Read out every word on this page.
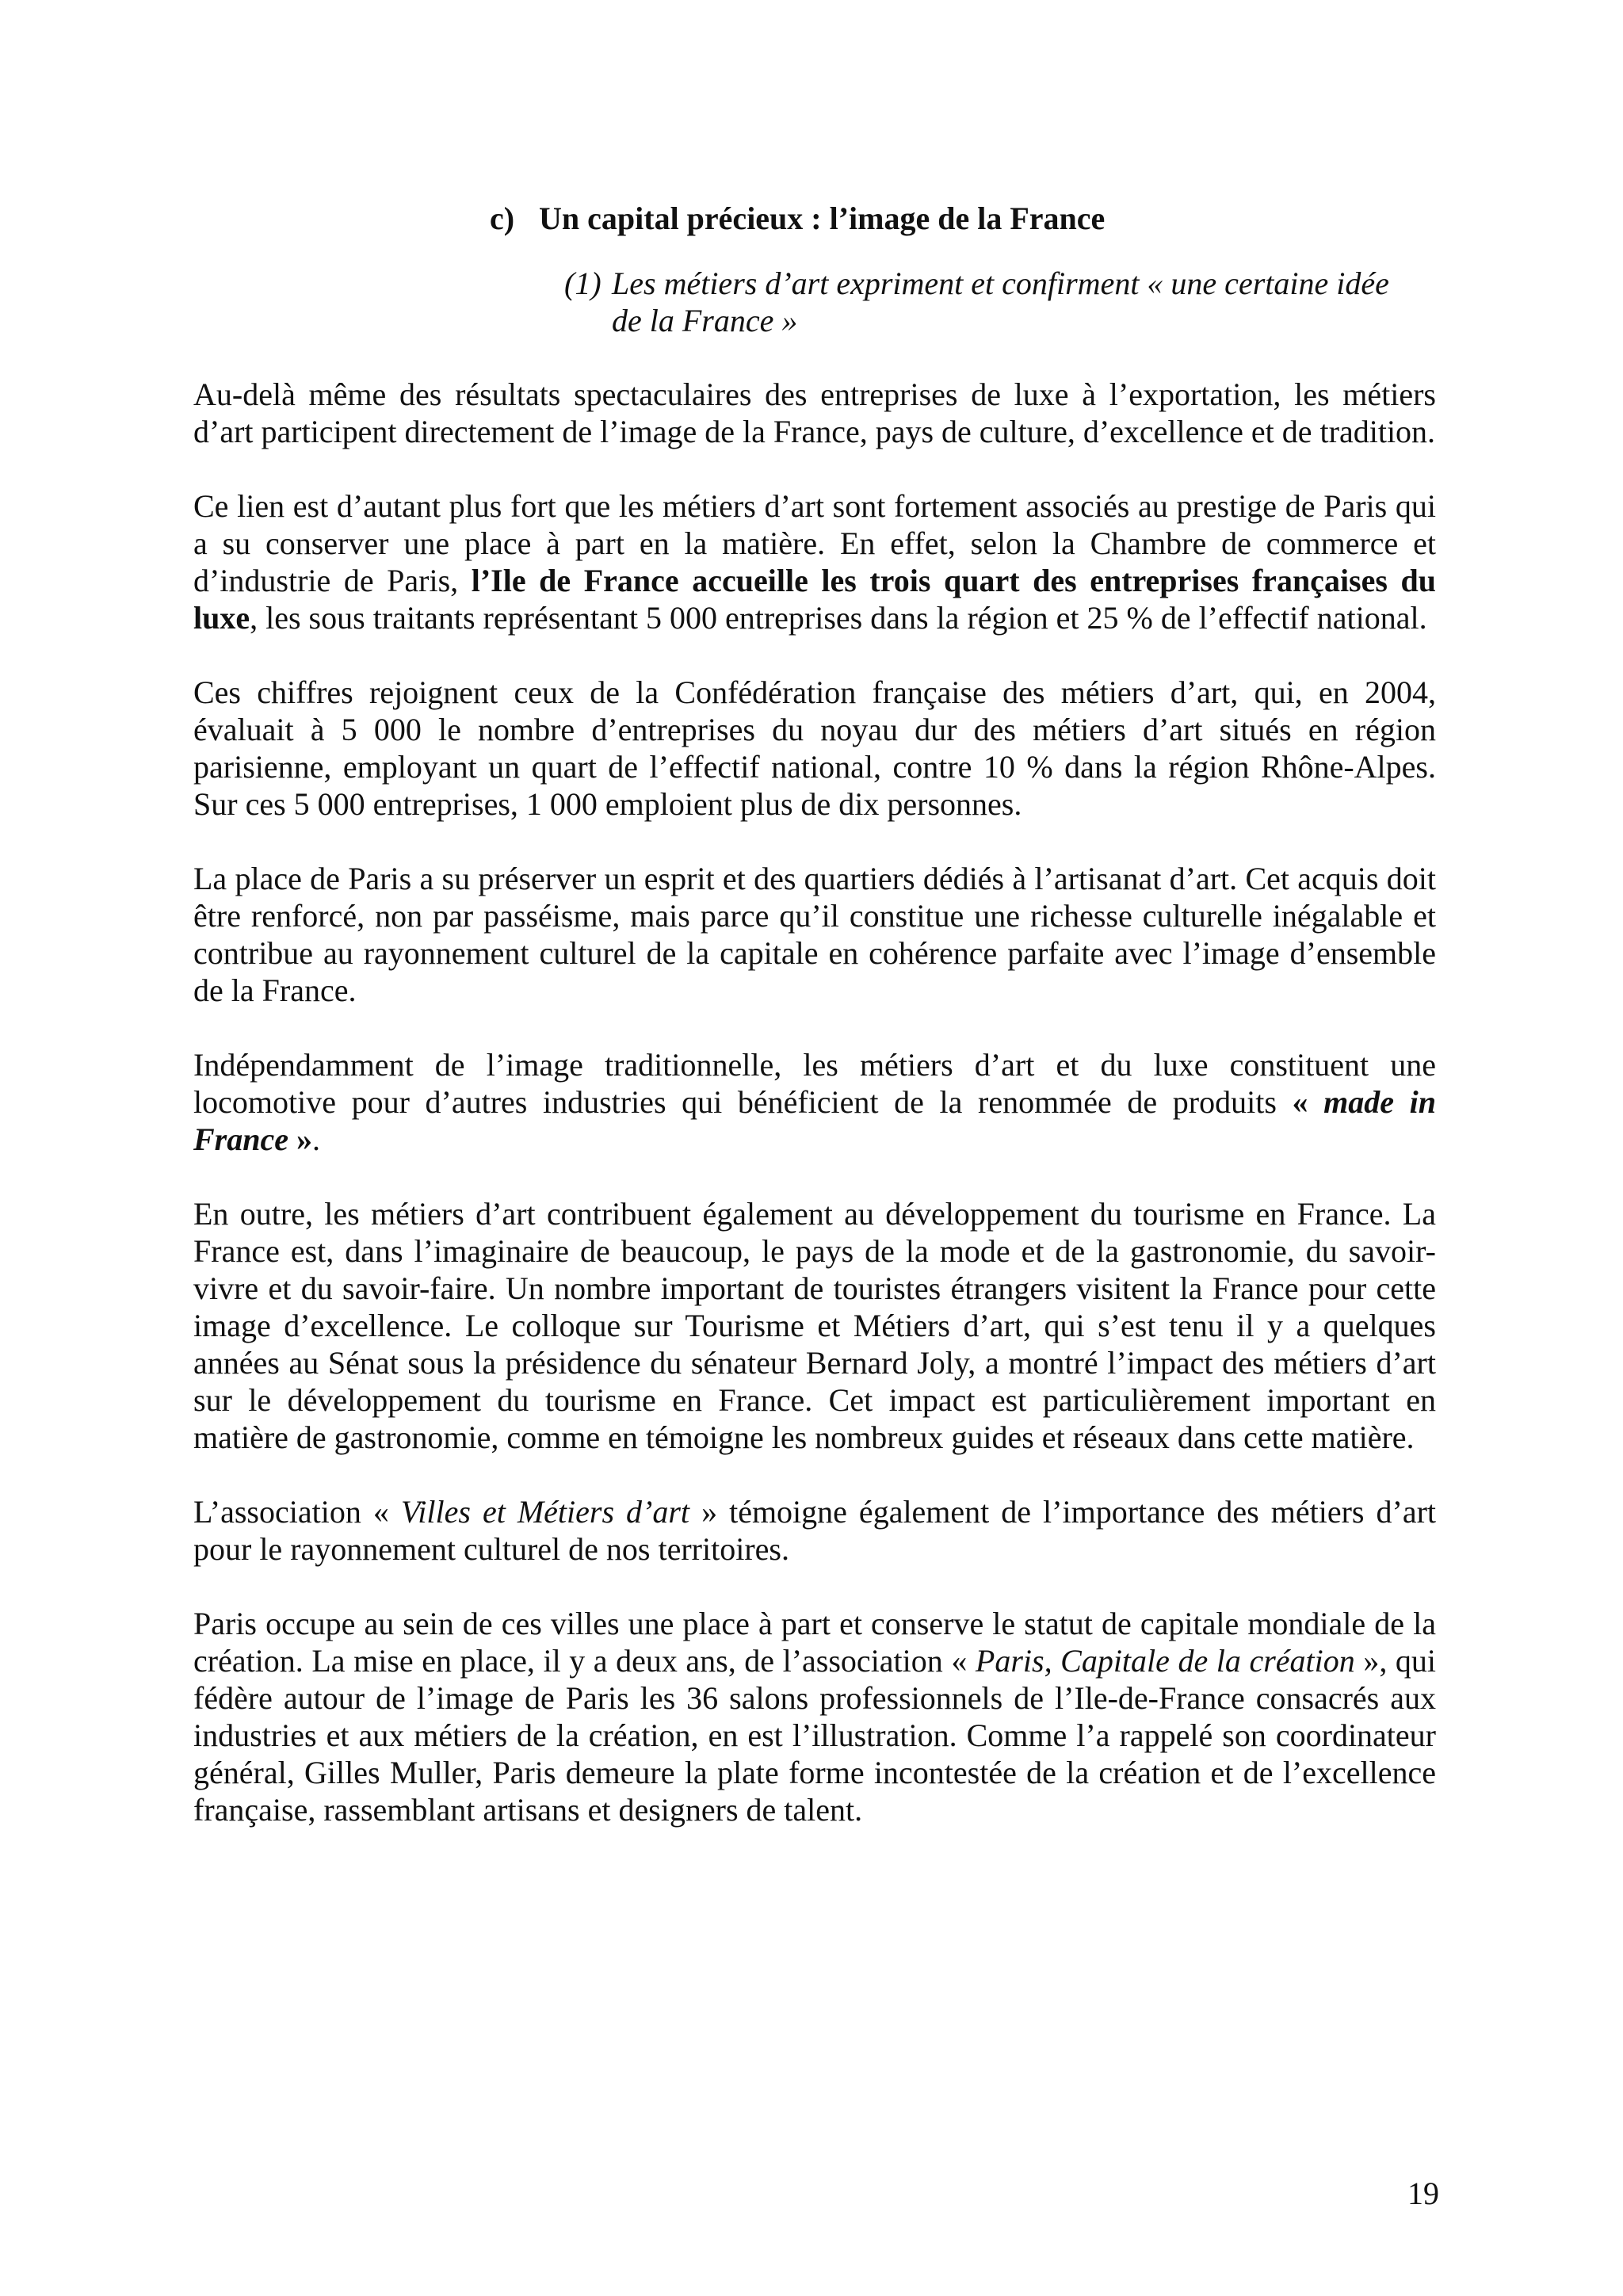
c) Un capital précieux : l’image de la France
(1) Les métiers d’art expriment et confirment « une certaine idée
de la France »

Au-delà même des résultats spectaculaires des entreprises de luxe à l’exportation, les métiers d’art participent directement de l’image de la France, pays de culture, d’excellence et de tradition.

Ce lien est d’autant plus fort que les métiers d’art sont fortement associés au prestige de Paris qui a su conserver une place à part en la matière. En effet, selon la Chambre de commerce et d’industrie de Paris, l’Ile de France accueille les trois quart des entreprises françaises du luxe, les sous traitants représentant 5 000 entreprises dans la région et 25 % de l’effectif national.

Ces chiffres rejoignent ceux de la Confédération française des métiers d’art, qui, en 2004, évaluait à 5 000 le nombre d’entreprises du noyau dur des métiers d’art situés en région parisienne, employant un quart de l’effectif national, contre 10 % dans la région Rhône-Alpes. Sur ces 5 000 entreprises, 1 000 emploient plus de dix personnes.

La place de Paris a su préserver un esprit et des quartiers dédiés à l’artisanat d’art. Cet acquis doit être renforcé, non par passéisme, mais parce qu’il constitue une richesse culturelle inégalable et contribue au rayonnement culturel de la capitale en cohérence parfaite avec l’image d’ensemble de la France.

Indépendamment de l’image traditionnelle, les métiers d’art et du luxe constituent une locomotive pour d’autres industries qui bénéficient de la renommée de produits « made in France ».

En outre, les métiers d’art contribuent également au développement du tourisme en France. La France est, dans l’imaginaire de beaucoup, le pays de la mode et de la gastronomie, du savoir-vivre et du savoir-faire. Un nombre important de touristes étrangers visitent la France pour cette image d’excellence. Le colloque sur Tourisme et Métiers d’art, qui s’est tenu il y a quelques années au Sénat sous la présidence du sénateur Bernard Joly, a montré l’impact des métiers d’art sur le développement du tourisme en France. Cet impact est particulièrement important en matière de gastronomie, comme en témoigne les nombreux guides et réseaux dans cette matière.

L’association « Villes et Métiers d’art » témoigne également de l’importance des métiers d’art pour le rayonnement culturel de nos territoires.

Paris occupe au sein de ces villes une place à part et conserve le statut de capitale mondiale de la création. La mise en place, il y a deux ans, de l’association « Paris, Capitale de la création », qui fédère autour de l’image de Paris les 36 salons professionnels de l’Ile-de-France consacrés aux industries et aux métiers de la création, en est l’illustration. Comme l’a rappelé son coordinateur général, Gilles Muller, Paris demeure la plate forme incontestée de la création et de l’excellence française, rassemblant artisans et designers de talent.

19
